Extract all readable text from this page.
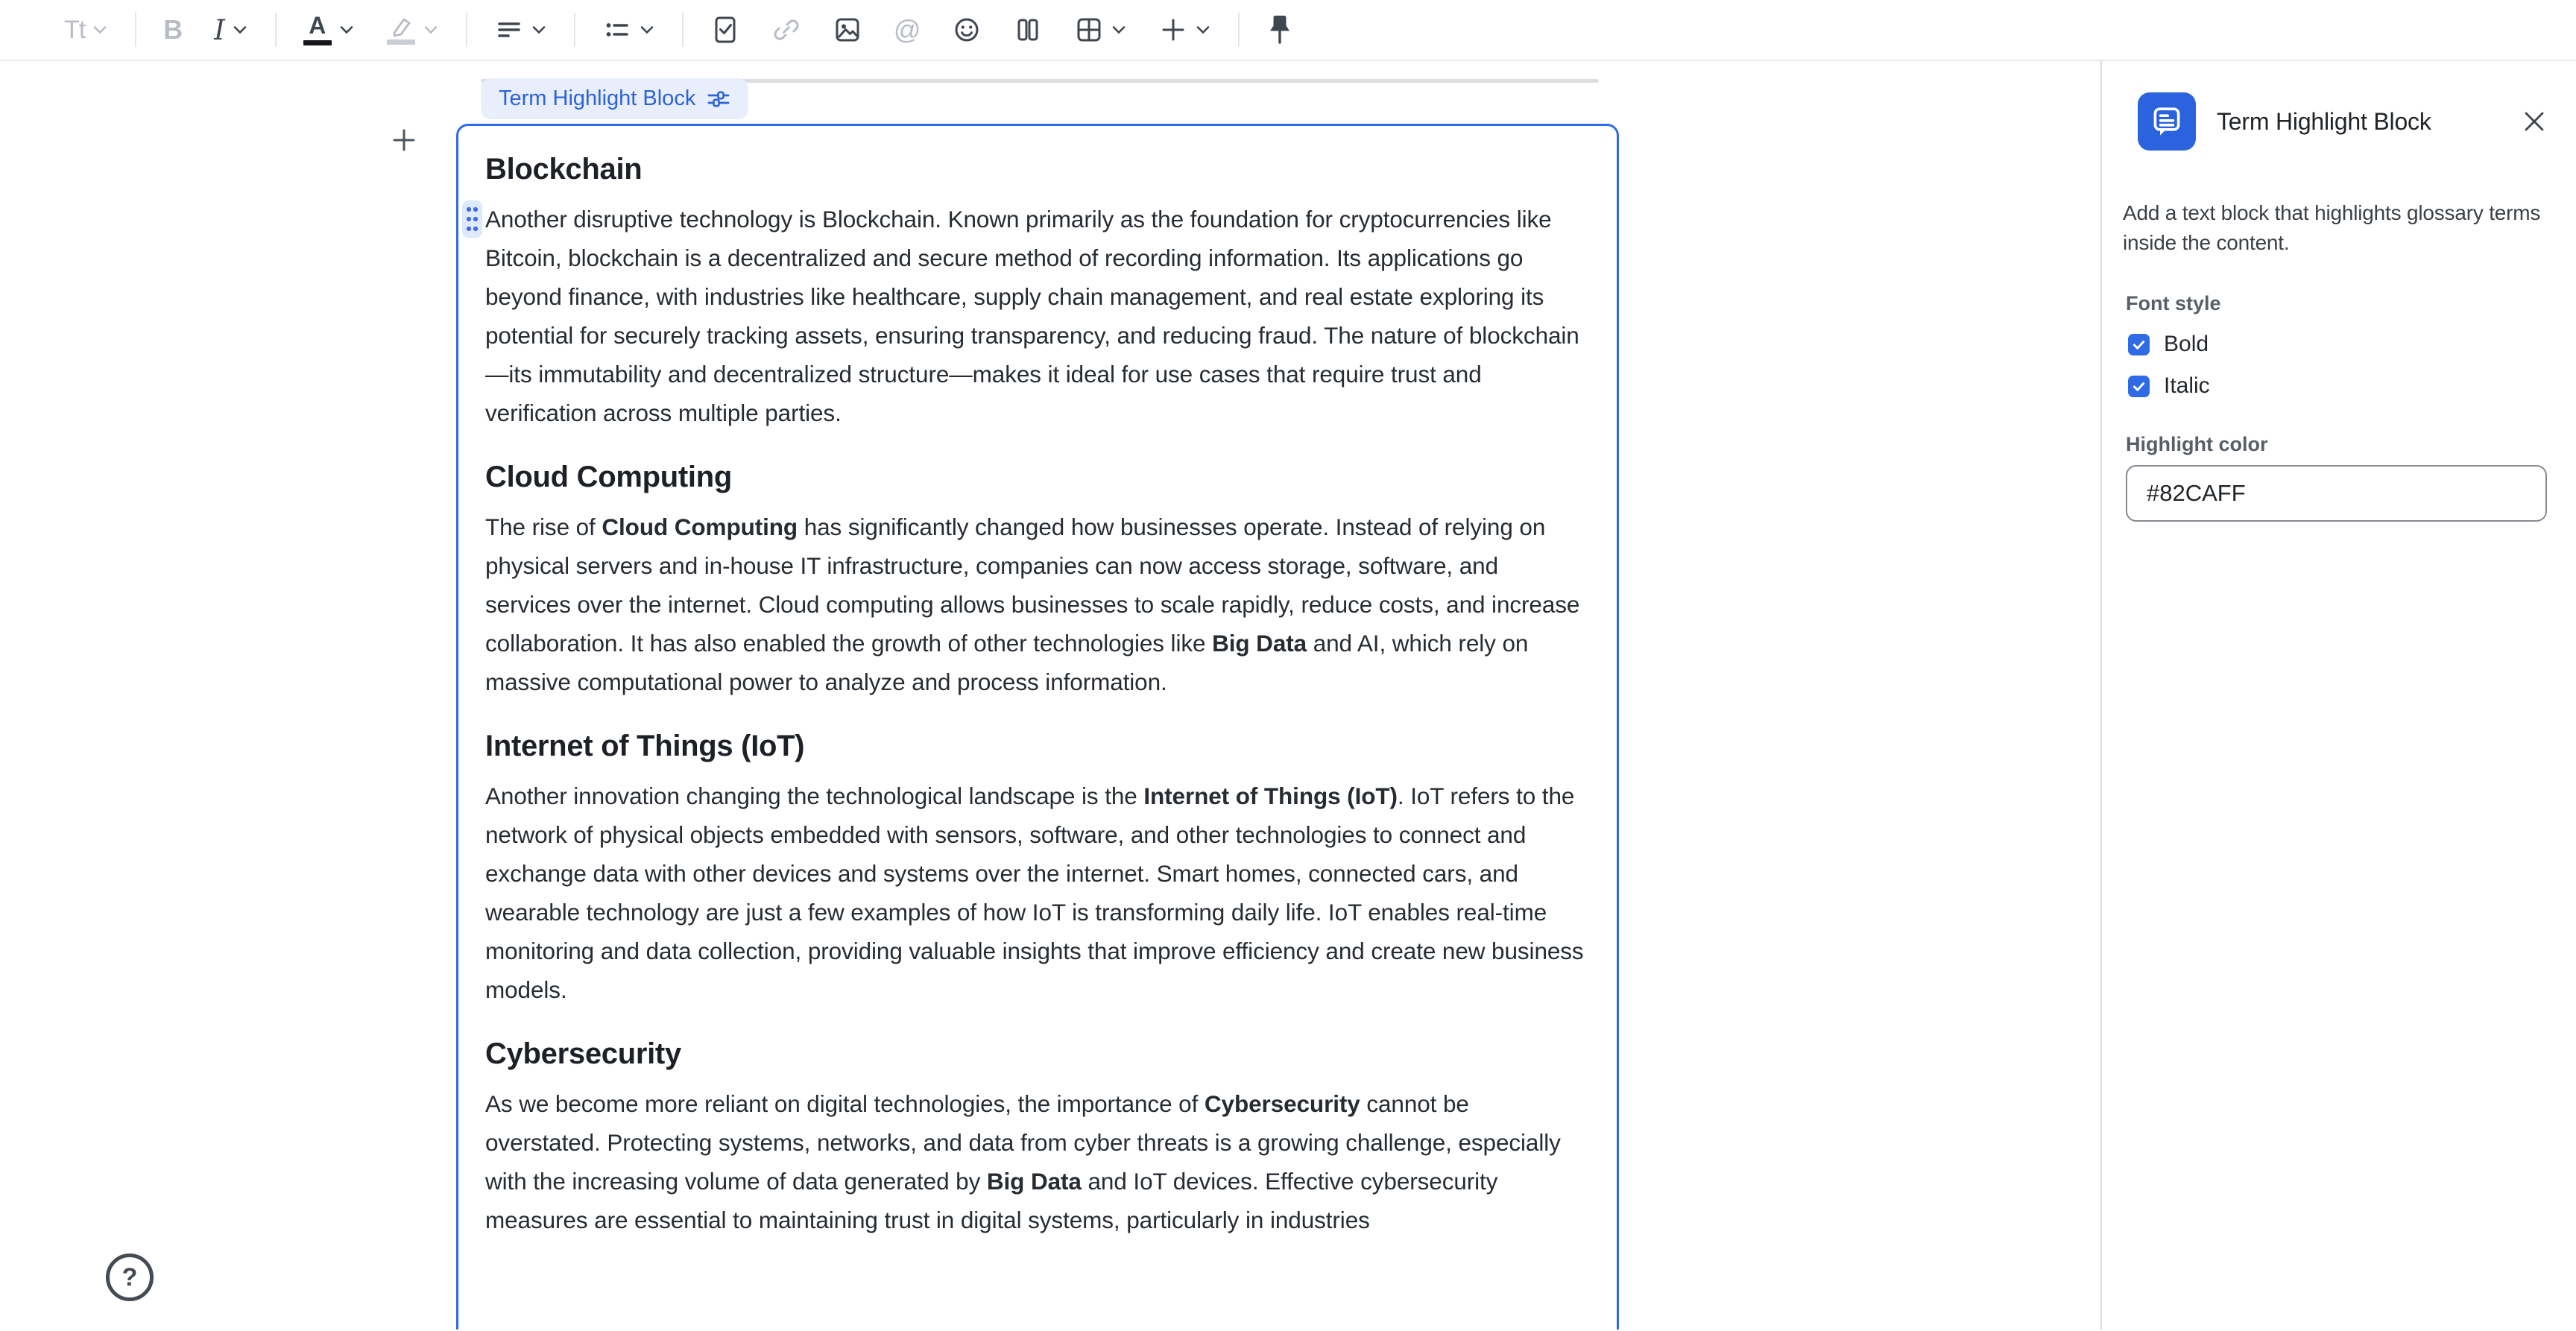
Tt	B I	A	@
Term Highlight Block
Blockchain

Another disruptive technology is Blockchain. Known primarily as the foundation for cryptocurrencies like Bitcoin, blockchain is a decentralized and secure method of recording information. Its applications go beyond finance, with industries like healthcare, supply chain management, and real estate exploring its potential for securely tracking assets, ensuring transparency, and reducing fraud. The nature of blockchain—its immutability and decentralized structure—makes it ideal for use cases that require trust and verification across multiple parties.

Cloud Computing

The rise of Cloud Computing has significantly changed how businesses operate. Instead of relying on physical servers and in-house IT infrastructure, companies can now access storage, software, and services over the internet. Cloud computing allows businesses to scale rapidly, reduce costs, and increase collaboration. It has also enabled the growth of other technologies like Big Data and AI, which rely on massive computational power to analyze and process information.

Internet of Things (IoT)

Another innovation changing the technological landscape is the Internet of Things (IoT). IoT refers to the network of physical objects embedded with sensors, software, and other technologies to connect and exchange data with other devices and systems over the internet. Smart homes, connected cars, and wearable technology are just a few examples of how IoT is transforming daily life. IoT enables real-time monitoring and data collection, providing valuable insights that improve efficiency and create new business models.

Cybersecurity

As we become more reliant on digital technologies, the importance of Cybersecurity cannot be overstated. Protecting systems, networks, and data from cyber threats is a growing challenge, especially with the increasing volume of data generated by Big Data and IoT devices. Effective cybersecurity measures are essential to maintaining trust in digital systems, particularly in industries

?
Term Highlight Block
Add a text block that highlights glossary terms inside the content.
Font style
Bold
Italic
Highlight color
#82CAFF
